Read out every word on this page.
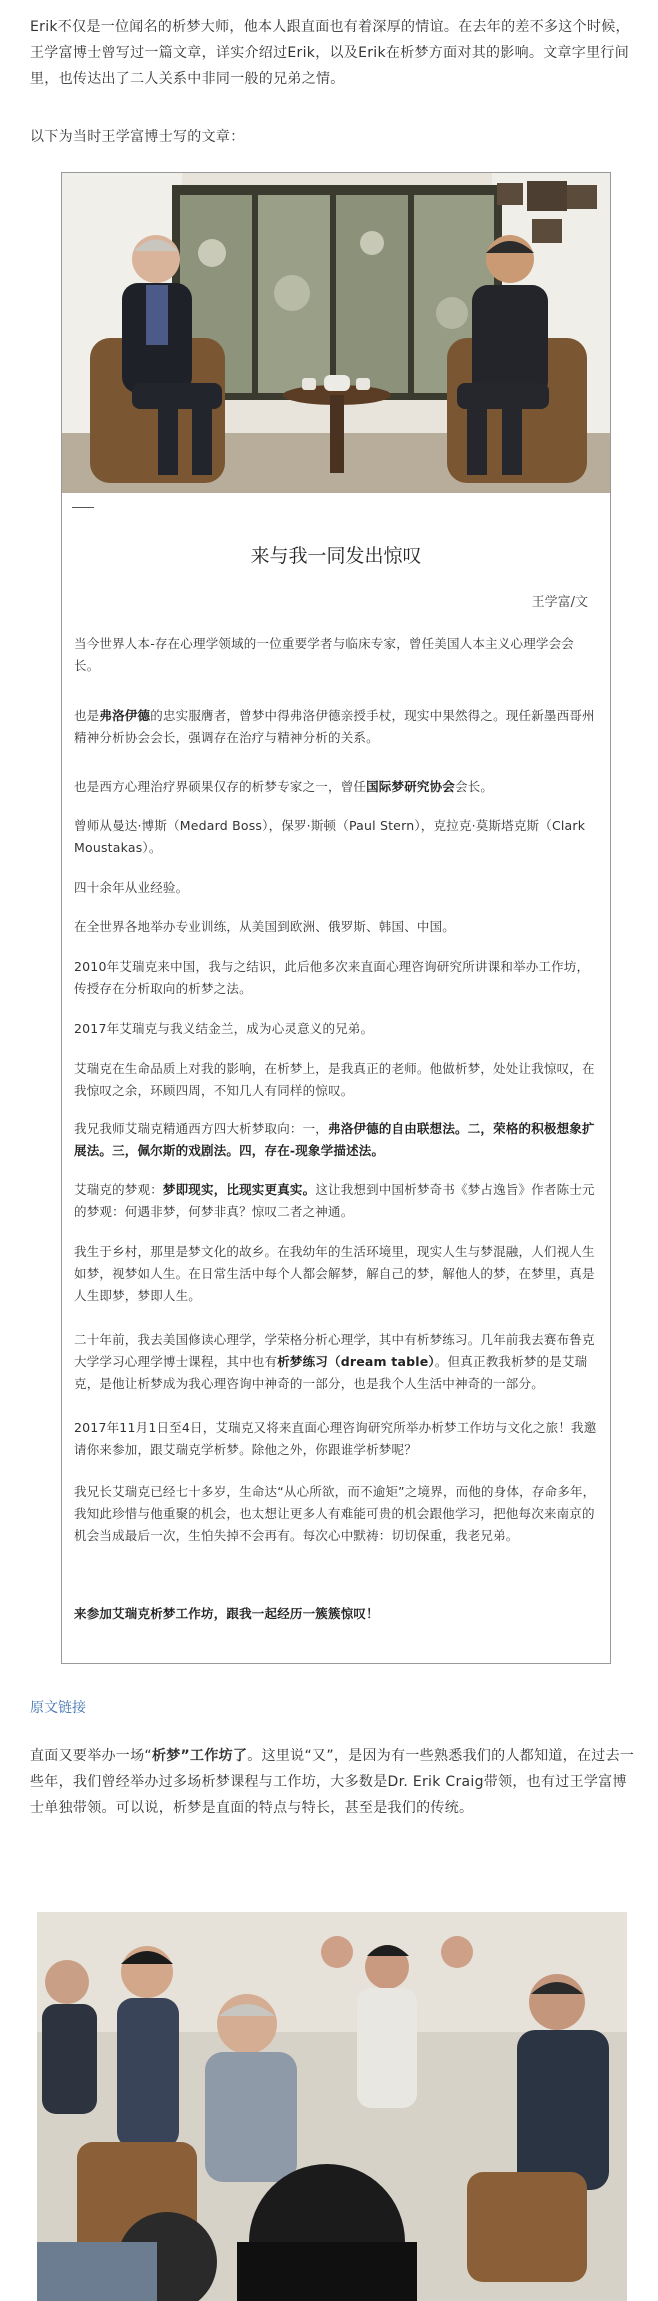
Erik不仅是一位闻名的析梦大师，他本人跟直面也有着深厚的情谊。在去年的差不多这个时候，王学富博士曾写过一篇文章，详实介绍过Erik，以及Erik在析梦方面对其的影响。文章字里行间里，也传达出了二人关系中非同一般的兄弟之情。
以下为当时王学富博士写的文章：
来与我一同发出惊叹
王学富/文
当今世界人本-存在心理学领域的一位重要学者与临床专家，曾任美国人本主义心理学会会长。
也是弗洛伊德的忠实服膺者，曾梦中得弗洛伊德亲授手杖，现实中果然得之。现任新墨西哥州精神分析协会会长，强调存在治疗与精神分析的关系。
也是西方心理治疗界硕果仅存的析梦专家之一，曾任国际梦研究协会会长。
曾师从曼达·博斯（Medard Boss），保罗·斯顿（Paul Stern），克拉克·莫斯塔克斯（Clark Moustakas）。
四十余年从业经验。
在全世界各地举办专业训练，从美国到欧洲、俄罗斯、韩国、中国。
2010年艾瑞克来中国，我与之结识，此后他多次来直面心理咨询研究所讲课和举办工作坊，传授存在分析取向的析梦之法。
2017年艾瑞克与我义结金兰，成为心灵意义的兄弟。
艾瑞克在生命品质上对我的影响，在析梦上，是我真正的老师。他做析梦，处处让我惊叹，在我惊叹之余，环顾四周，不知几人有同样的惊叹。
我兄我师艾瑞克精通西方四大析梦取向：一，弗洛伊德的自由联想法。二，荣格的积极想象扩展法。三，佩尔斯的戏剧法。四，存在-现象学描述法。
艾瑞克的梦观：梦即现实，比现实更真实。这让我想到中国析梦奇书《梦占逸旨》作者陈士元的梦观：何遇非梦，何梦非真？惊叹二者之神通。
我生于乡村，那里是梦文化的故乡。在我幼年的生活环境里，现实人生与梦混融，人们视人生如梦，视梦如人生。在日常生活中每个人都会解梦，解自己的梦，解他人的梦，在梦里，真是人生即梦，梦即人生。
二十年前，我去美国修读心理学，学荣格分析心理学，其中有析梦练习。几年前我去赛布鲁克大学学习心理学博士课程，其中也有析梦练习（dream table）。但真正教我析梦的是艾瑞克，是他让析梦成为我心理咨询中神奇的一部分，也是我个人生活中神奇的一部分。
2017年11月1日至4日，艾瑞克又将来直面心理咨询研究所举办析梦工作坊与文化之旅！我邀请你来参加，跟艾瑞克学析梦。除他之外，你跟谁学析梦呢？
我兄长艾瑞克已经七十多岁，生命达“从心所欲，而不逾矩”之境界，而他的身体，存命多年，我知此珍惜与他重聚的机会，也太想让更多人有难能可贵的机会跟他学习，把他每次来南京的机会当成最后一次，生怕失掉不会再有。每次心中默祷：切切保重，我老兄弟。
来参加艾瑞克析梦工作坊，跟我一起经历一簇簇惊叹！
原文链接
直面又要举办一场“析梦”工作坊了。这里说“又”，是因为有一些熟悉我们的人都知道，在过去一些年，我们曾经举办过多场析梦课程与工作坊，大多数是Dr. Erik Craig带领，也有过王学富博士单独带领。可以说，析梦是直面的特点与特长，甚至是我们的传统。
